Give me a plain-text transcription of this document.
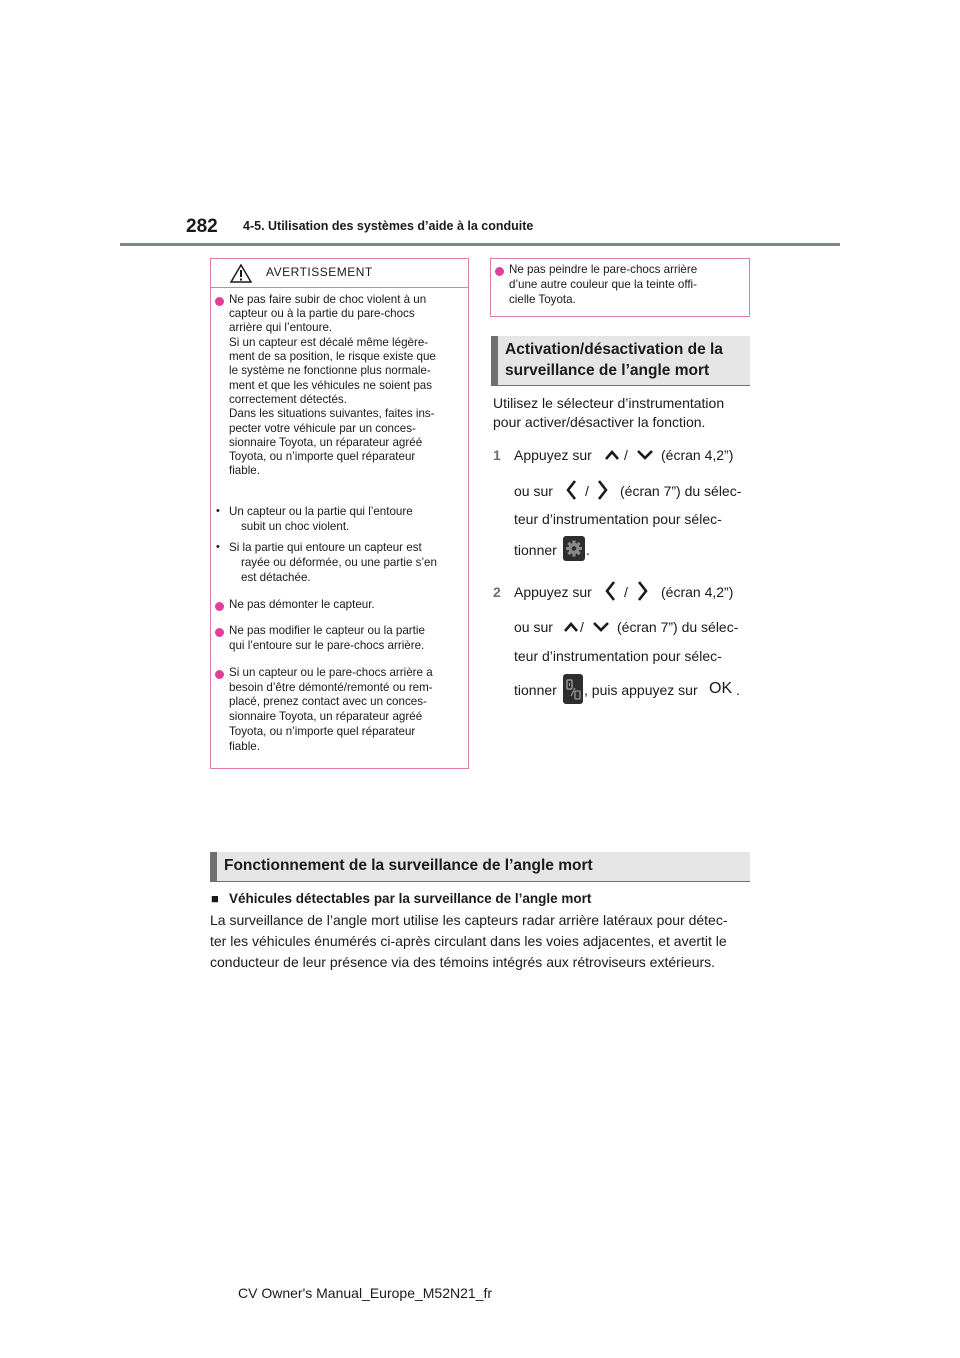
282 4-5. Utilisation des systèmes d’aide à la conduite
AVERTISSEMENT
Ne pas faire subir de choc violent à un
capteur ou à la partie du pare-chocs
arrière qui l’entoure.
Si un capteur est décalé même légère-
ment de sa position, le risque existe que
le système ne fonctionne plus normale-
ment et que les véhicules ne soient pas
correctement détectés.
Dans les situations suivantes, faites ins-
pecter votre véhicule par un conces-
sionnaire Toyota, un réparateur agréé
Toyota, ou n’importe quel réparateur
fiable.
• Un capteur ou la partie qui l’entoure
subit un choc violent.
• Si la partie qui entoure un capteur est
rayée ou déformée, ou une partie s’en
est détachée.
Ne pas démonter le capteur.
Ne pas modifier le capteur ou la partie
qui l’entoure sur le pare-chocs arrière.
Si un capteur ou le pare-chocs arrière a
besoin d’être démonté/remonté ou rem-
placé, prenez contact avec un conces-
sionnaire Toyota, un réparateur agréé
Toyota, ou n’importe quel réparateur
fiable.
Ne pas peindre le pare-chocs arrière
d’une autre couleur que la teinte offi-
cielle Toyota.
Activation/désactivation de la
surveillance de l’angle mort
Utilisez le sélecteur d’instrumentation
pour activer/désactiver la fonction.
1 Appuyez sur / (écran 4,2”)
ou sur / (écran 7”) du sélec-
teur d’instrumentation pour sélec-
tionner .
2 Appuyez sur / (écran 4,2”)
ou sur / (écran 7”) du sélec-
teur d’instrumentation pour sélec-
tionner , puis appuyez sur OK .
Fonctionnement de la surveillance de l’angle mort
■ Véhicules détectables par la surveillance de l’angle mort
La surveillance de l’angle mort utilise les capteurs radar arrière latéraux pour détec-
ter les véhicules énumérés ci-après circulant dans les voies adjacentes, et avertit le
conducteur de leur présence via des témoins intégrés aux rétroviseurs extérieurs.
CV Owner's Manual_Europe_M52N21_fr
